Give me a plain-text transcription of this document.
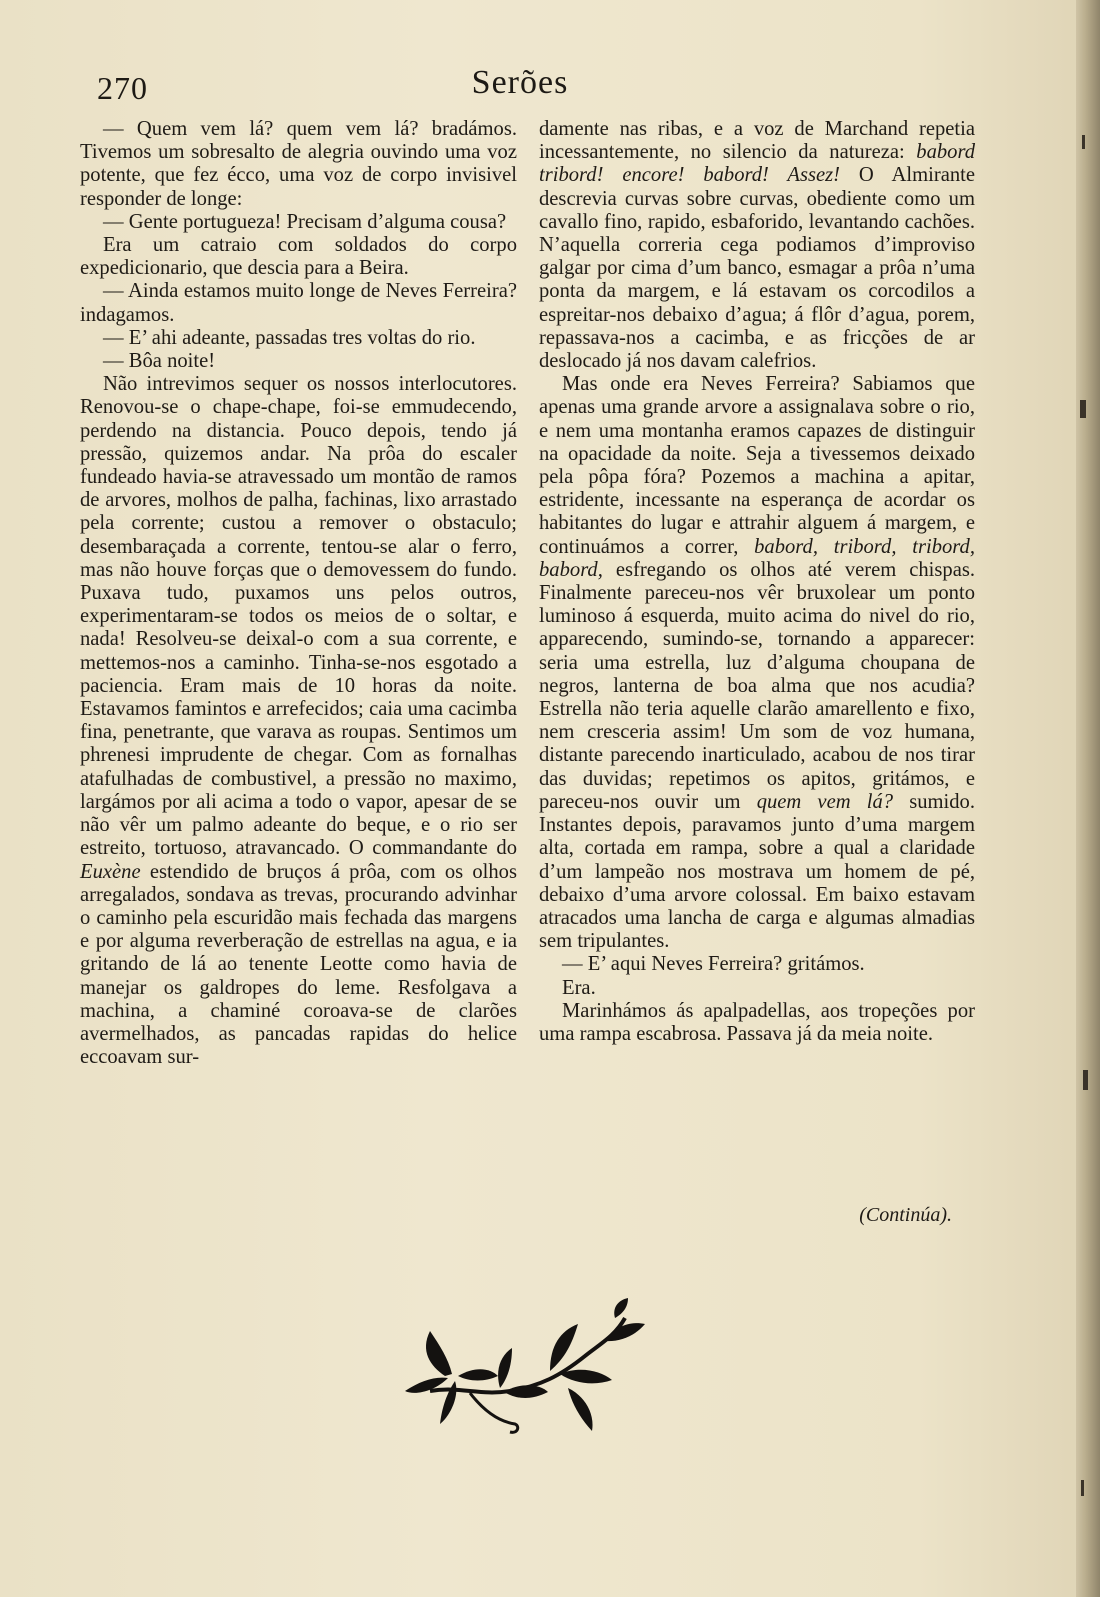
270	Serões

— Quem vem lá? quem vem lá? bradámos. Tivemos um sobresalto de alegria ouvindo uma voz potente, que fez écco, uma voz de corpo invisivel responder de longe:

— Gente portugueza! Precisam d’alguma cousa?

Era um catraio com soldados do corpo expedicionario, que descia para a Beira.

— Ainda estamos muito longe de Neves Ferreira? indagamos.

— E’ ahi adeante, passadas tres voltas do rio.

— Bôa noite!

Não intrevimos sequer os nossos interlocutores. Renovou-se o chape-chape, foi-se emmudecendo, perdendo na distancia. Pouco depois, tendo já pressão, quizemos andar. Na prôa do escaler fundeado havia-se atravessado um montão de ramos de arvores, molhos de palha, fachinas, lixo arrastado pela corrente; custou a remover o obstaculo; desembaraçada a corrente, tentou-se alar o ferro, mas não houve forças que o demovessem do fundo. Puxava tudo, puxamos uns pelos outros, experimentaram-se todos os meios de o soltar, e nada! Resolveu-se deixal-o com a sua corrente, e mettemos-nos a caminho. Tinha-se-nos esgotado a paciencia. Eram mais de 10 horas da noite. Estavamos famintos e arrefecidos; caia uma cacimba fina, penetrante, que varava as roupas. Sentimos um phrenesi imprudente de chegar. Com as fornalhas atafulhadas de combustivel, a pressão no maximo, largámos por ali acima a todo o vapor, apesar de se não vêr um palmo adeante do beque, e o rio ser estreito, tortuoso, atravancado. O commandante do Euxène estendido de bruços á prôa, com os olhos arregalados, sondava as trevas, procurando advinhar o caminho pela escuridão mais fechada das margens e por alguma reverberação de estrellas na agua, e ia gritando de lá ao tenente Leotte como havia de manejar os galdropes do leme. Resfolgava a machina, a chaminé coroava-se de clarões avermelhados, as pancadas rapidas do helice eccoavam sur-

damente nas ribas, e a voz de Marchand repetia incessantemente, no silencio da natureza: babord tribord! encore! babord! Assez! O Almirante descrevia curvas sobre curvas, obediente como um cavallo fino, rapido, esbaforido, levantando cachões. N’aquella correria cega podiamos d’improviso galgar por cima d’um banco, esmagar a prôa n’uma ponta da margem, e lá estavam os corcodilos a espreitar-nos debaixo d’agua; á flôr d’agua, porem, repassava-nos a cacimba, e as fricções de ar deslocado já nos davam calefrios.

Mas onde era Neves Ferreira? Sabiamos que apenas uma grande arvore a assignalava sobre o rio, e nem uma montanha eramos capazes de distinguir na opacidade da noite. Seja a tivessemos deixado pela pôpa fóra? Pozemos a machina a apitar, estridente, incessante na esperança de acordar os habitantes do lugar e attrahir alguem á margem, e continuámos a correr, babord, tribord, tribord, babord, esfregando os olhos até verem chispas. Finalmente pareceu-nos vêr bruxolear um ponto luminoso á esquerda, muito acima do nivel do rio, apparecendo, sumindo-se, tornando a apparecer: seria uma estrella, luz d’alguma choupana de negros, lanterna de boa alma que nos acudia? Estrella não teria aquelle clarão amarellento e fixo, nem cresceria assim! Um som de voz humana, distante parecendo inarticulado, acabou de nos tirar das duvidas; repetimos os apitos, gritámos, e pareceu-nos ouvir um quem vem lá? sumido. Instantes depois, paravamos junto d’uma margem alta, cortada em rampa, sobre a qual a claridade d’um lampeão nos mostrava um homem de pé, debaixo d’uma arvore colossal. Em baixo estavam atracados uma lancha de carga e algumas almadias sem tripulantes.

— E’ aqui Neves Ferreira? gritámos.

Era.

Marinhámos ás apalpadellas, aos tropeções por uma rampa escabrosa. Passava já da meia noite.

(Continúa).
